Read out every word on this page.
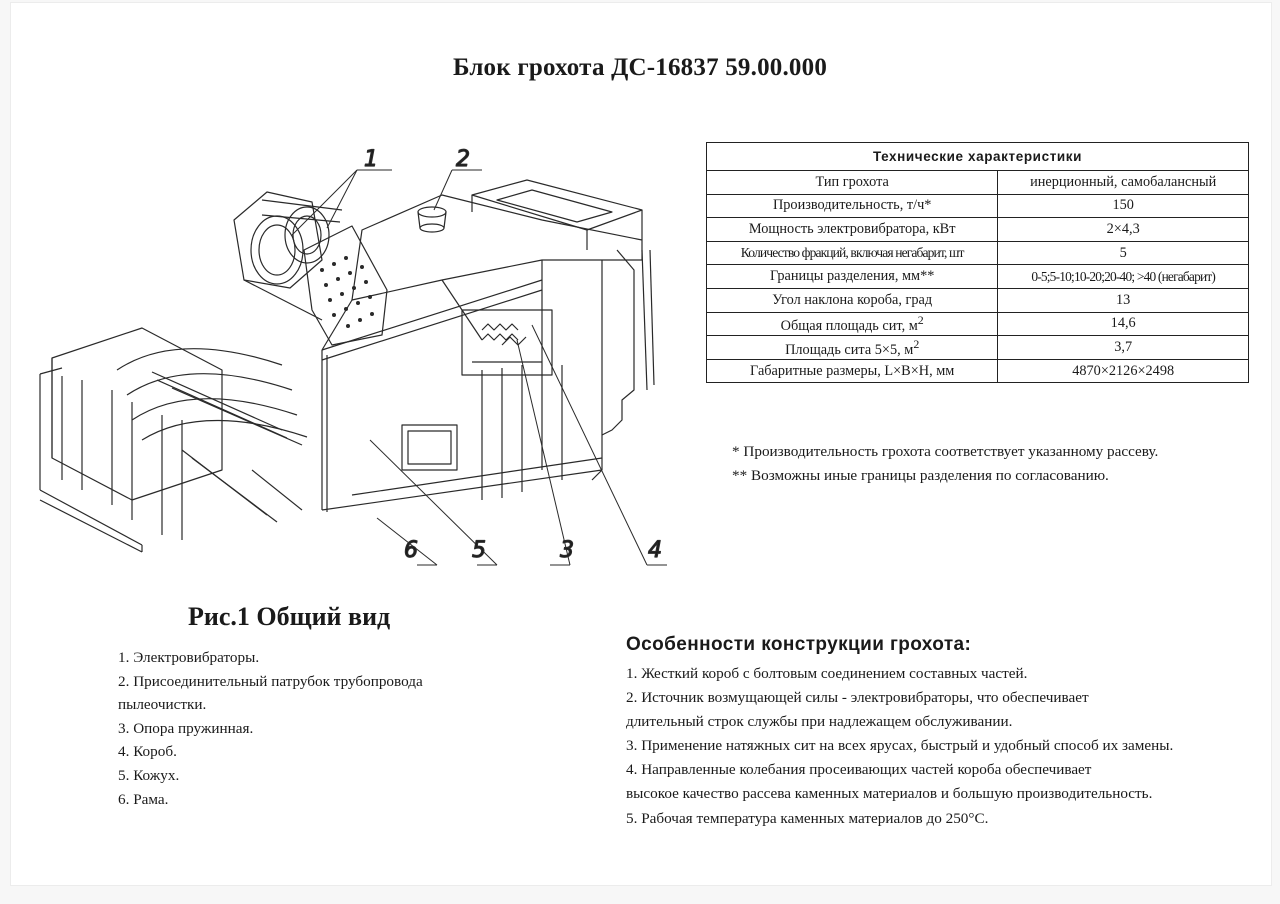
Блок грохота ДС-16837 59.00.000
1	2
3	4
5
6
Технические характеристики	
Тип грохота	инерционный, самобалансный
Производительность, т/ч*	150
Мощность электровибратора, кВт	2×4,3
Количество фракций, включая негабарит, шт	5
Границы разделения, мм**	0-5;5-10;10-20;20-40; >40 (негабарит)
Угол наклона короба, град	13
Общая площадь сит, $м^2$	14,6
Площадь сита 5×5, $м^2$	3,7
Габаритные размеры, L×B×H, мм	4870×2126×2498
* Производительность грохота соответствует указанному рассеву.
** Возможны иные границы разделения по согласованию.
Рис.1 Общий вид
1. Электровибраторы.
2. Присоединительный патрубок трубопровода
пылеочистки.
3. Опора пружинная.
4. Короб.
5. Кожух.
6. Рама.
Особенности конструкции грохота:
1. Жесткий короб с болтовым соединением составных частей.
2. Источник возмущающей силы - электровибраторы, что обеспечивает
длительный строк службы при надлежащем обслуживании.
3. Применение натяжных сит на всех ярусах, быстрый и удобный способ их замены.
4. Направленные колебания просеивающих частей короба обеспечивает
высокое качество рассева каменных материалов и большую производительность.
5. Рабочая температура каменных материалов до 250°C.
